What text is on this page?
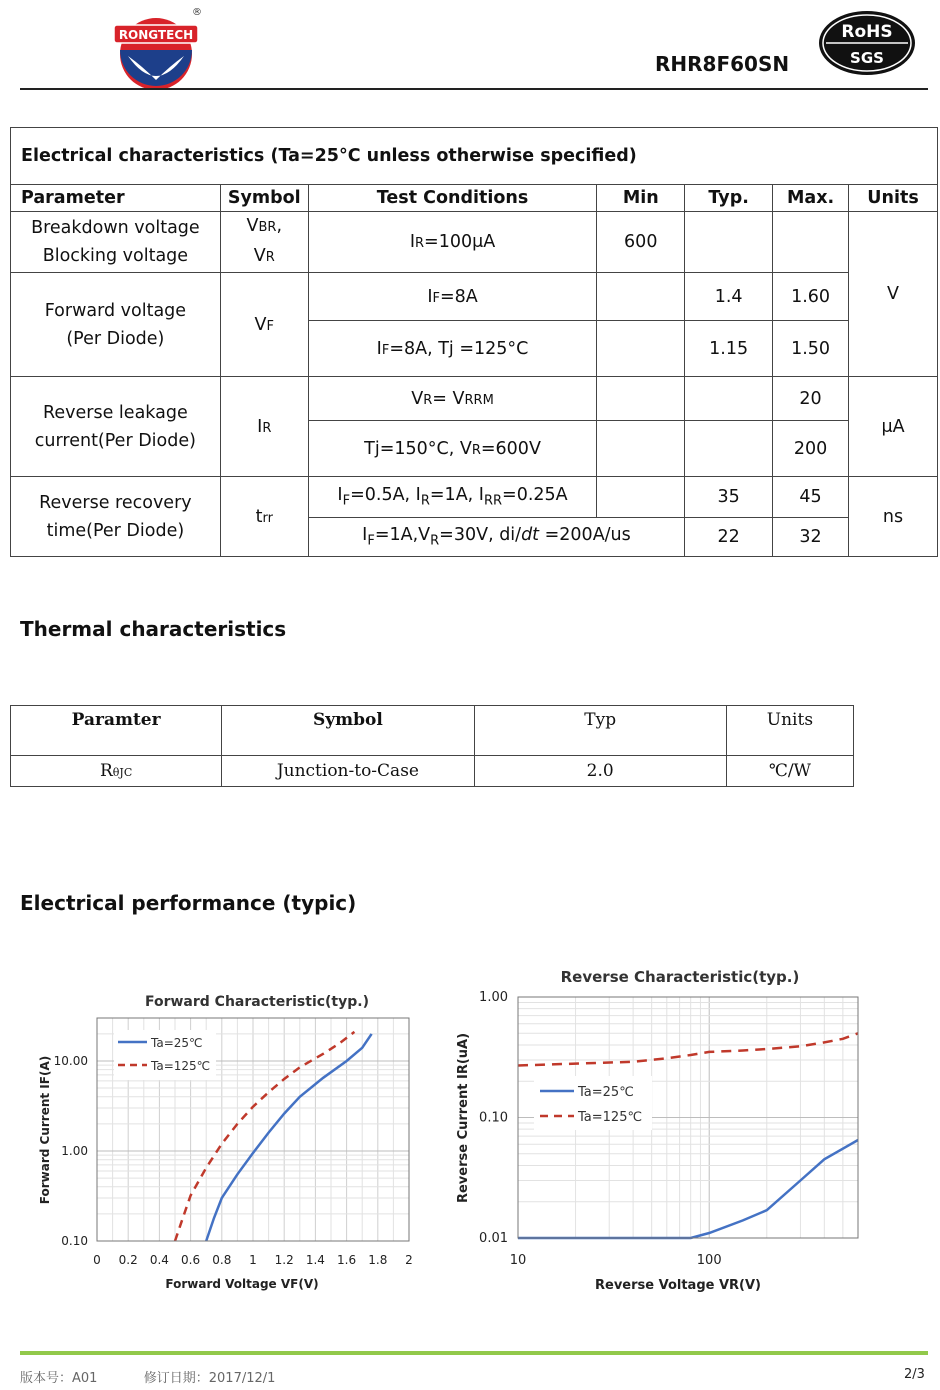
RONGTECH
®
RHR8F60SN
RoHS
SGS
Electrical characteristics (Ta=25°C unless otherwise specified)						
Parameter	Symbol	Test Conditions	Min	Typ.	Max.	Units
Breakdown voltage
Blocking voltage	VBR,
VR	IR=100μA	600			V
Forward voltage
(Per Diode)	VF	IF=8A		1.4	1.60	
		IF=8A, Tj =125°C		1.15	1.50	
Reverse leakage
current(Per Diode)	IR	VR= VRRM			20	μA
		Tj=150°C, VR=600V			200	
Reverse recovery
time(Per Diode)	trr	$I_F=0.5A$, $I_R=1A$, $I_{RR}=0.25A$		35	45	ns
		$I_F=1A,V_R=30V$, di/dt =200A/us		22	32	
Thermal characteristics
Paramter	Symbol	Typ	Units
RθJC	Junction-to-Case	2.0	℃/W
Electrical performance (typic)
Forward Characteristic(typ.)
0 0.2 0.4 0.6 0.8 1 1.2 1.4 1.6 1.8 2
0.10
1.00
10.00
Forward Voltage VF(V)
Forward Current IF(A)
Ta=25℃
Ta=125℃
Reverse Characteristic(typ.)
10	100
0.01
0.10
1.00
Reverse Voltage VR(V)
Reverse Current IR(uA)	Ta=25℃
Ta=125℃
版本号：A01	修订日期：2017/12/1	2/3
